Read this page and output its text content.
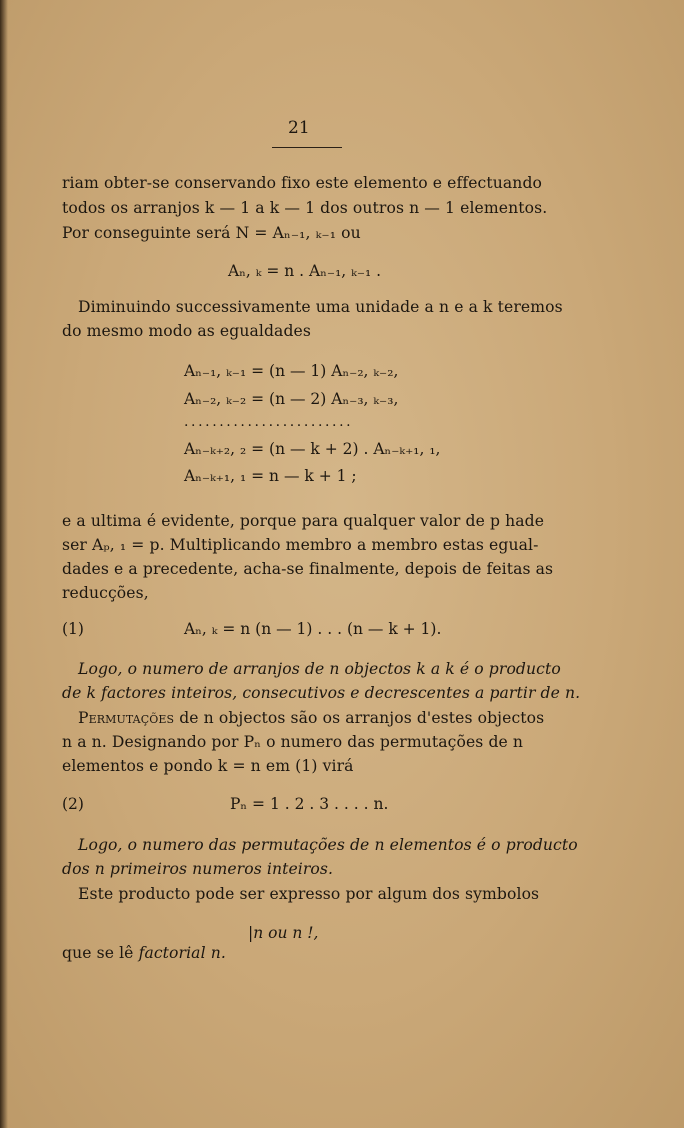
21
riam obter-se conservando fixo este elemento e effectuando
todos os arranjos k — 1 a k — 1 dos outros n — 1 elementos.
Por conseguinte será N = Aₙ₋₁, ₖ₋₁ ou
Aₙ, ₖ = n . Aₙ₋₁, ₖ₋₁ .
Diminuindo successivamente uma unidade a n e a k teremos
do mesmo modo as egualdades
Aₙ₋₁, ₖ₋₁ = (n — 1) Aₙ₋₂, ₖ₋₂,
Aₙ₋₂, ₖ₋₂ = (n — 2) Aₙ₋₃, ₖ₋₃,
........................
Aₙ₋ₖ₊₂, ₂ = (n — k + 2) . Aₙ₋ₖ₊₁, ₁,
Aₙ₋ₖ₊₁, ₁ = n — k + 1 ;
e a ultima é evidente, porque para qualquer valor de p hade
ser Aₚ, ₁ = p. Multiplicando membro a membro estas egual-
dades e a precedente, acha-se finalmente, depois de feitas as
reducções,
(1)	Aₙ, ₖ = n (n — 1) . . . (n — k + 1).
Logo, o numero de arranjos de n objectos k a k é o producto
de k factores inteiros, consecutivos e decrescentes a partir de n.
Permutações de n objectos são os arranjos d'estes objectos
n a n. Designando por Pₙ o numero das permutações de n
elementos e pondo k = n em (1) virá
(2)	Pₙ = 1 . 2 . 3 . . . . n.
Logo, o numero das permutações de n elementos é o producto
dos n primeiros numeros inteiros.
Este producto pode ser expresso por algum dos symbolos
|n ou n !,
que se lê factorial n.
